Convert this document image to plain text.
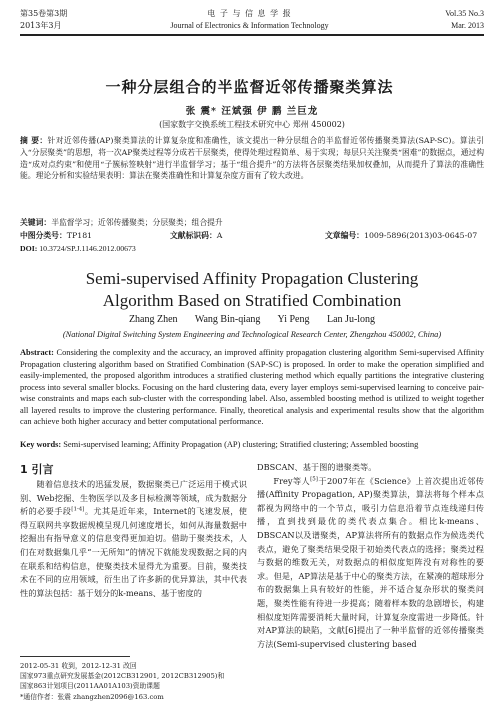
第35卷第3期
2013年3月
电 子 与 信 息 学 报
Journal of Electronics & Information Technology
Vol.35 No.3
Mar. 2013
一种分层组合的半监督近邻传播聚类算法
张 震* 汪斌强 伊 鹏 兰巨龙
(国家数字交换系统工程技术研究中心 郑州 450002)
摘 要：针对近邻传播(AP)聚类算法的计算复杂度和准确性，该文提出一种分层组合的半监督近邻传播聚类算法(SAP-SC)。算法引入“分层聚类”的思想，将一次AP聚类过程等分成若干层聚类，使得处理过程简单、易于实现；每层只关注聚类“困难”的数据点，通过构造“成对点约束”和使用“子簇标签映射”进行半监督学习；基于“组合提升”的方法将各层聚类结果加权叠加，从而提升了算法的准确性能。理论分析和实验结果表明：算法在聚类准确性和计算复杂度方面有了较大改进。
关键词：半监督学习；近邻传播聚类；分层聚类；组合提升
中图分类号：TP181	文献标识码：A	文章编号：1009-5896(2013)03-0645-07
DOI: 10.3724/SP.J.1146.2012.00673
Semi-supervised Affinity Propagation Clustering
Algorithm Based on Stratified Combination
Zhang Zhen       Wang Bin-qiang       Yi Peng       Lan Ju-long
(National Digital Switching System Engineering and Technological Research Center, Zhengzhou 450002, China)
Abstract: Considering the complexity and the accuracy, an improved affinity propagation clustering algorithm Semi-supervised Affinity Propagation clustering algorithm based on Stratified Combination (SAP-SC) is proposed. In order to make the operation simplified and easily-implemented, the proposed algorithm introduces a stratified clustering method which equally partitions the integrative clustering process into several smaller blocks. Focusing on the hard clustering data, every layer employs semi-supervised learning to conceive pair-wise constraints and maps each sub-cluster with the corresponding label. Also, assembled boosting method is utilized to weight together all layered results to improve the clustering performance. Finally, theoretical analysis and experimental results show that the algorithm can achieve both higher accuracy and better computational performance.
Key words: Semi-supervised learning; Affinity Propagation (AP) clustering; Stratified clustering; Assembled boosting
1 引言
随着信息技术的迅猛发展，数据聚类已广泛运用于模式识别、Web挖掘、生物医学以及多目标检测等领域，成为数据分析的必要手段[1-4]。尤其是近年来，Internet的飞速发展，使得互联网共享数据规模呈现几何速度增长，如何从海量数据中挖掘出有指导意义的信息变得更加迫切。借助于聚类技术，人们在对数据集几乎“一无所知”的情况下就能发现数据之间的内在联系和结构信息，使聚类技术显得尤为重要。目前，聚类技术在不同的应用领域，衍生出了许多新的优异算法，其中代表性的算法包括：基于划分的k-means、基于密度的
DBSCAN、基于图的谱聚类等。
Frey等人[5]于2007年在《Science》上首次提出近邻传播(Affinity Propagation, AP)聚类算法，算法将每个样本点都视为网络中的一个节点，吸引力信息沿着节点连线递归传播，直到找到最优的类代表点集合。相比k-means、DBSCAN以及谱聚类，AP算法将所有的数据点作为候选类代表点，避免了聚类结果受限于初始类代表点的选择；聚类过程与数据的维数无关，对数据点的相似度矩阵没有对称性的要求。但是，AP算法是基于中心的聚类方法，在紧凑的超球形分布的数据集上具有较好的性能，并不适合复杂形状的聚类问题，聚类性能有待进一步提高；随着样本数的急剧增长，构建相似度矩阵需要消耗大量时间，计算复杂度需进一步降低。针对AP算法的缺陷，文献[6]提出了一种半监督的近邻传播聚类方法(Semi-supervised clustering based
2012-05-31 收到，2012-12-31 改回
国家973重点研究发展基金(2012CB312901, 2012CB312905)和
国家863计划项目(2011AA01A103)资助课题
*通信作者：张震 zhangzhen2096@163.com
